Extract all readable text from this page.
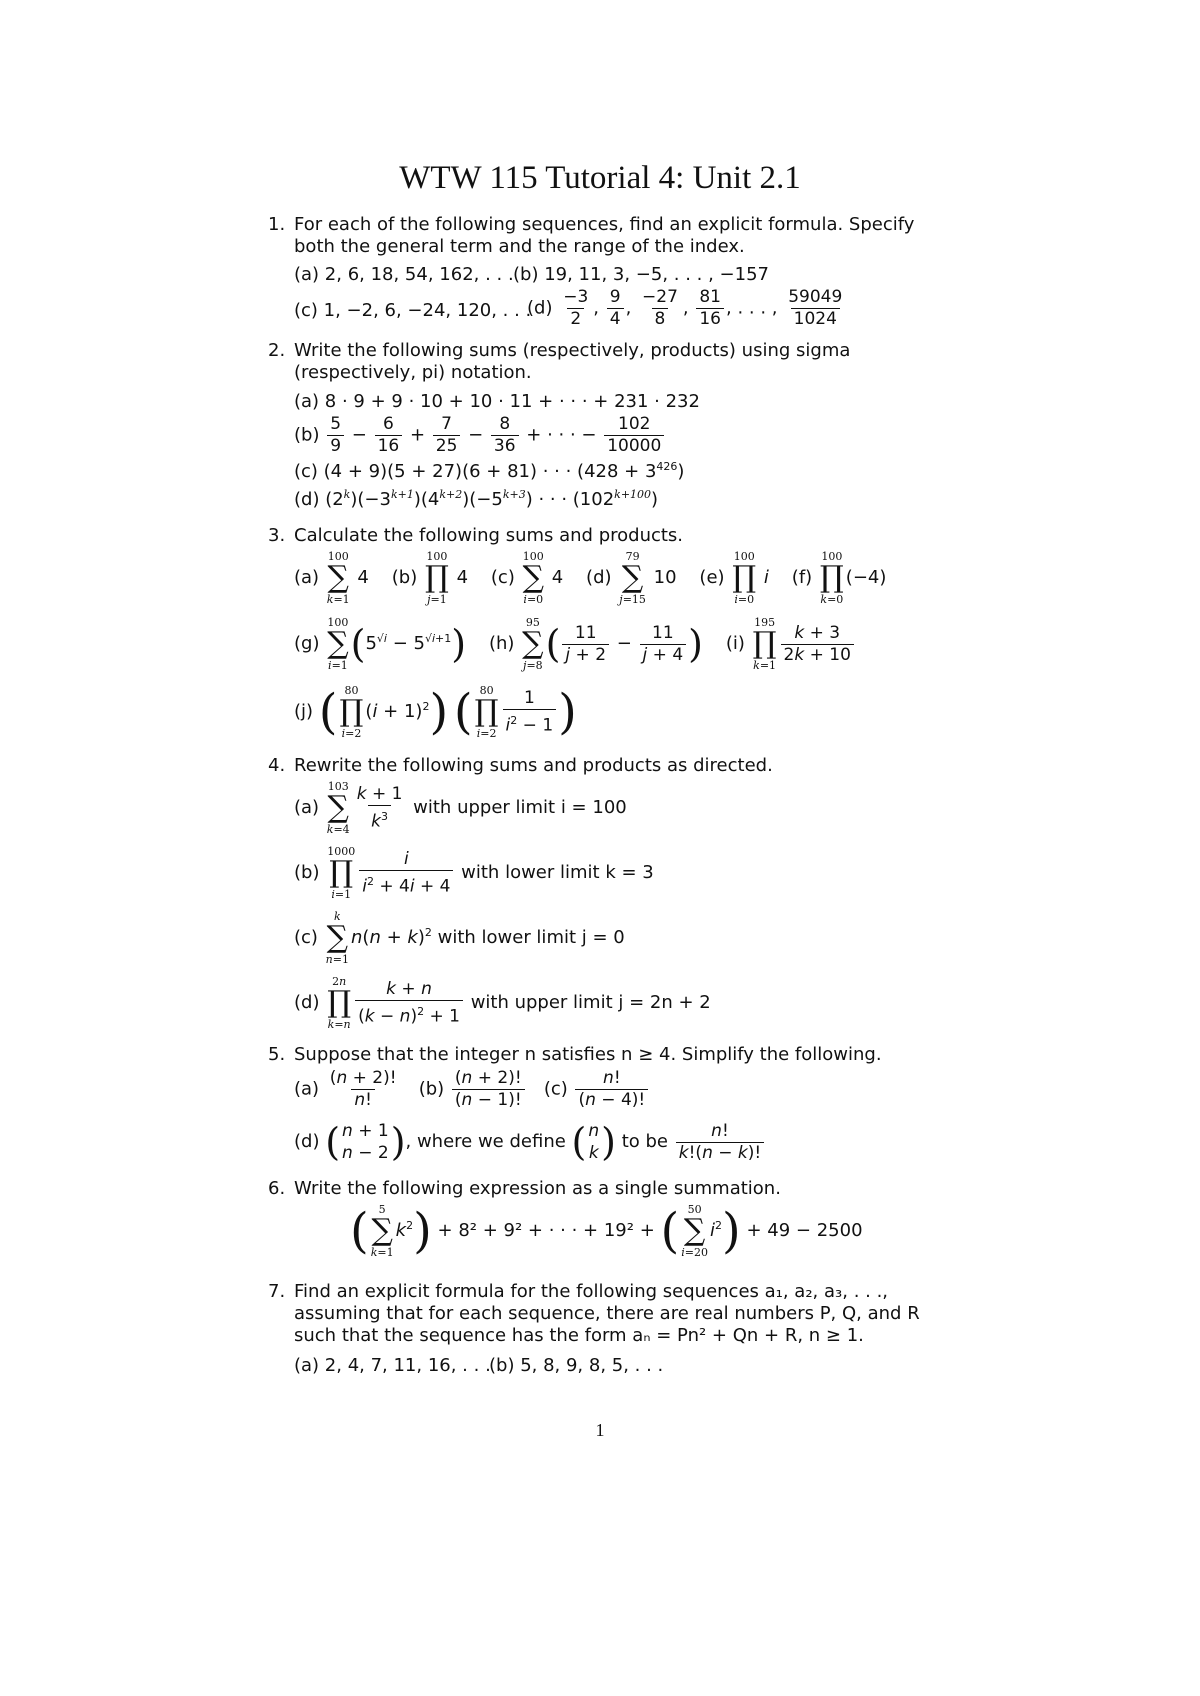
WTW 115 Tutorial 4: Unit 2.1
1. For each of the following sequences, find an explicit formula. Specify both the general term and the range of the index.
(a) 2, 6, 18, 54, 162, . . . (b) 19, 11, 3, −5, . . . , −157
(c) 1, −2, 6, −24, 120, . . .
$(d) \frac{-3}{2}$ , $\frac{9}{4}$ , $\frac{-27}{8}$ , $\frac{81}{16}$ , . . . , $\frac{59049}{1024}$
2. Write the following sums (respectively, products) using sigma (respectively, pi) notation.
(a) 8 · 9 + 9 · 10 + 10 · 11 + · · · + 231 · 232
$(b) \frac{5}{9} - \frac{6}{16} + \frac{7}{25} - \frac{8}{36}$ + · · · − $\frac{102}{10000}$
(c) (4 + 9)(5 + 27)(6 + 81) · · · $(428 + 3^{426})$
(d) $(2^k)(-3^{k+1})(4^{k+2})(-5^{k+3})$ · · · $(102^{k+100})$
3. Calculate the following sums and products.
(a)
100
∑
k=1
4    (b)
100
∏
j=1
4    (c)
100
∑
i=0
4    (d)
79
∑
j=15
10    (e)
100
∏
i=0
i    (f)
100
∏
k=0
(−4)
(g)
100
∑
i=1 $(5^{√i} - 5^{√i+1})$    (h)
95
∑
j=8 ( $\frac{11}{j + 2} - \frac{11}{j + 4}$ )    (i)
195
∏
$k=1 \frac{k + 3}{2k + 10}$
(j) ( 80
∏
i=2
$(i + 1)^2$) ( 80
∏
$i=2 \frac{1}{i^2 - 1}$ )
4. Rewrite the following sums and products as directed.
(a)
103
∑
$k=4 \frac{k + 1}{k^3}$ with upper limit i = 100
(b)
1000
∏
$i=1 \frac{i}{i^2 + 4i + 4}$ with lower limit k = 3
(c)
k
∑
n=1
$n(n + k)^2$ with lower limit j = 0
(d)
2n
∏
$k=n \frac{k + n}{(k - n)^2 + 1}$ with upper limit j = 2n + 2
5. Suppose that the integer n satisfies n ≥ 4. Simplify the following.
$(a) \frac{(n + 2)!}{n!} (b) \frac{(n + 2)!}{(n - 1)!} (c) \frac{n!}{(n - 4)!}$
(d) ( n + 1
n − 2 ), where we define ( n
k ) to be $\frac{n!}{k!(n - k)!}$
6. Write the following expression as a single summation.
( 5
∑
k=1
$k^2) + 8^2 + 9^2$ + · · · + 19² + ( 50
∑
i=20
$i^2) + 49 - 2500$
7. Find an explicit formula for the following sequences a₁, a₂, a₃, . . ., assuming that for each sequence, there are real numbers P, Q, and R such that the sequence has the form aₙ = Pn² + Qn + R, n ≥ 1.
(a) 2, 4, 7, 11, 16, . . .
(b) 5, 8, 9, 8, 5, . . .
1
